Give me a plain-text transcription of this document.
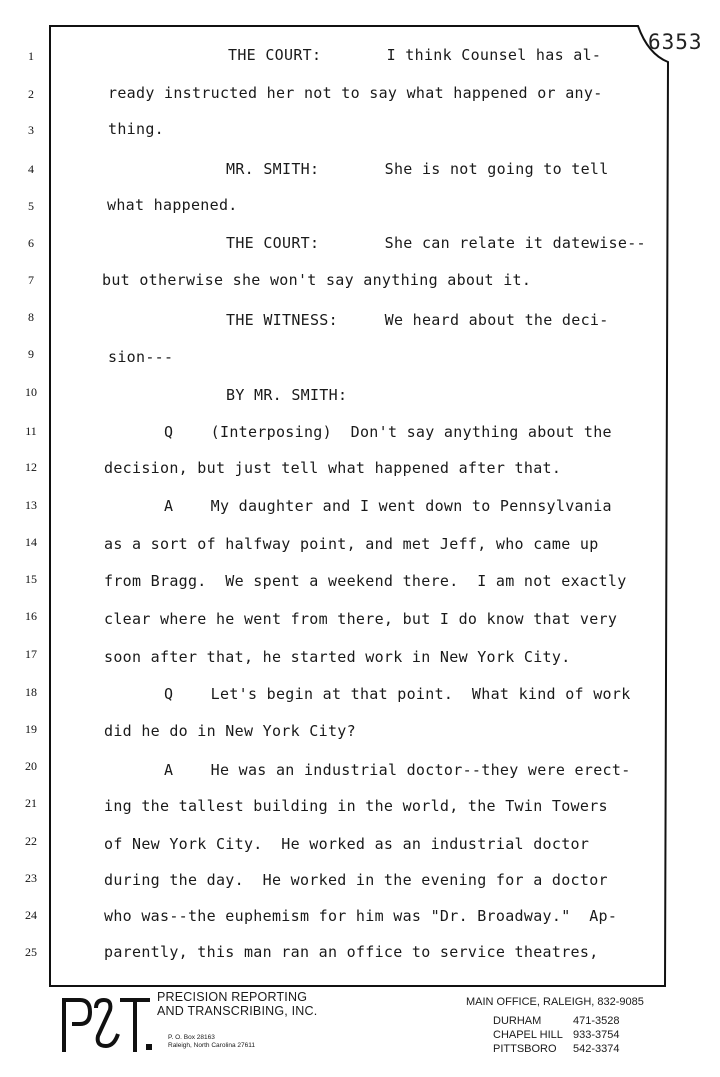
6353
1
2
3
4
5
6
7
8
9
10
11
12
13
14
15
16
17
18
19
20
21
22
23
24
25
THE COURT:       I think Counsel has al-
ready instructed her not to say what happened or any-
thing.
MR. SMITH:       She is not going to tell
what happened.
THE COURT:       She can relate it datewise--
but otherwise she won't say anything about it.
THE WITNESS:     We heard about the deci-
sion---
BY MR. SMITH:
Q    (Interposing)  Don't say anything about the
decision, but just tell what happened after that.
A    My daughter and I went down to Pennsylvania
as a sort of halfway point, and met Jeff, who came up
from Bragg.  We spent a weekend there.  I am not exactly
clear where he went from there, but I do know that very
soon after that, he started work in New York City.
Q    Let's begin at that point.  What kind of work
did he do in New York City?
A    He was an industrial doctor--they were erect-
ing the tallest building in the world, the Twin Towers
of New York City.  He worked as an industrial doctor
during the day.  He worked in the evening for a doctor
who was--the euphemism for him was "Dr. Broadway."  Ap-
parently, this man ran an office to service theatres,
PRECISION REPORTING
AND TRANSCRIBING, INC.
P. O. Box 28163
Raleigh, North Carolina 27611
MAIN OFFICE, RALEIGH, 832-9085
DURHAM	471-3528
CHAPEL HILL 933-3754
PITTSBORO 542-3374
